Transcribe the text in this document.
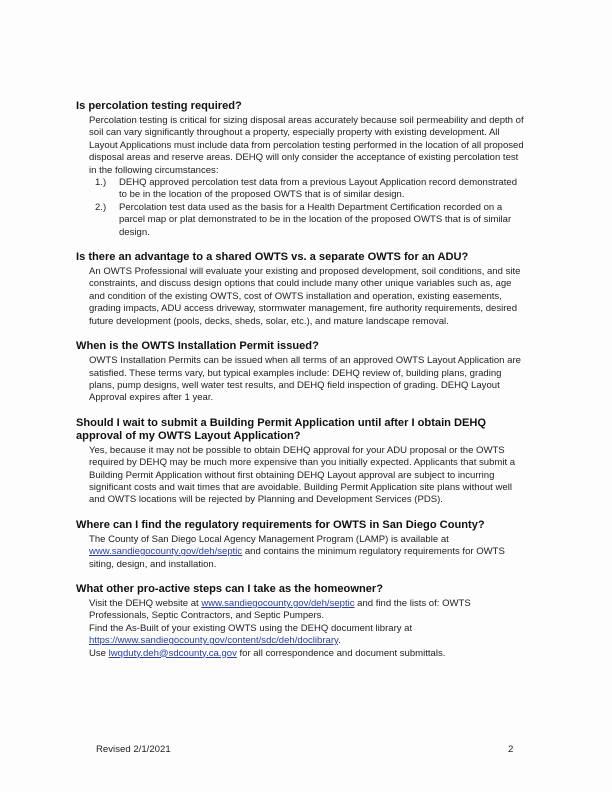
Is percolation testing required?

Percolation testing is critical for sizing disposal areas accurately because soil permeability and depth of soil can vary significantly throughout a property, especially property with existing development. All Layout Applications must include data from percolation testing performed in the location of all proposed disposal areas and reserve areas. DEHQ will only consider the acceptance of existing percolation test in the following circumstances:

1.) DEHQ approved percolation test data from a previous Layout Application record demonstrated to be in the location of the proposed OWTS that is of similar design.
2.) Percolation test data used as the basis for a Health Department Certification recorded on a parcel map or plat demonstrated to be in the location of the proposed OWTS that is of similar design.
Is there an advantage to a shared OWTS vs. a separate OWTS for an ADU?

An OWTS Professional will evaluate your existing and proposed development, soil conditions, and site constraints, and discuss design options that could include many other unique variables such as, age and condition of the existing OWTS, cost of OWTS installation and operation, existing easements, grading impacts, ADU access driveway, stormwater management, fire authority requirements, desired future development (pools, decks, sheds, solar, etc.), and mature landscape removal.

When is the OWTS Installation Permit issued?

OWTS Installation Permits can be issued when all terms of an approved OWTS Layout Application are satisfied. These terms vary, but typical examples include: DEHQ review of, building plans, grading plans, pump designs, well water test results, and DEHQ field inspection of grading. DEHQ Layout Approval expires after 1 year.

Should I wait to submit a Building Permit Application until after I obtain DEHQ approval of my OWTS Layout Application?

Yes, because it may not be possible to obtain DEHQ approval for your ADU proposal or the OWTS required by DEHQ may be much more expensive than you initially expected. Applicants that submit a Building Permit Application without first obtaining DEHQ Layout approval are subject to incurring significant costs and wait times that are avoidable. Building Permit Application site plans without well and OWTS locations will be rejected by Planning and Development Services (PDS).

Where can I find the regulatory requirements for OWTS in San Diego County?

The County of San Diego Local Agency Management Program (LAMP) is available at www.sandiegocounty.gov/deh/septic and contains the minimum regulatory requirements for OWTS siting, design, and installation.

What other pro-active steps can I take as the homeowner?

Visit the DEHQ website at www.sandiegocounty.gov/deh/septic and find the lists of: OWTS Professionals, Septic Contractors, and Septic Pumpers.

Find the As-Built of your existing OWTS using the DEHQ document library at https://www.sandiegocounty.gov/content/sdc/deh/doclibrary.

Use lwqduty.deh@sdcounty.ca.gov for all correspondence and document submittals.

Revised 2/1/2021	2
